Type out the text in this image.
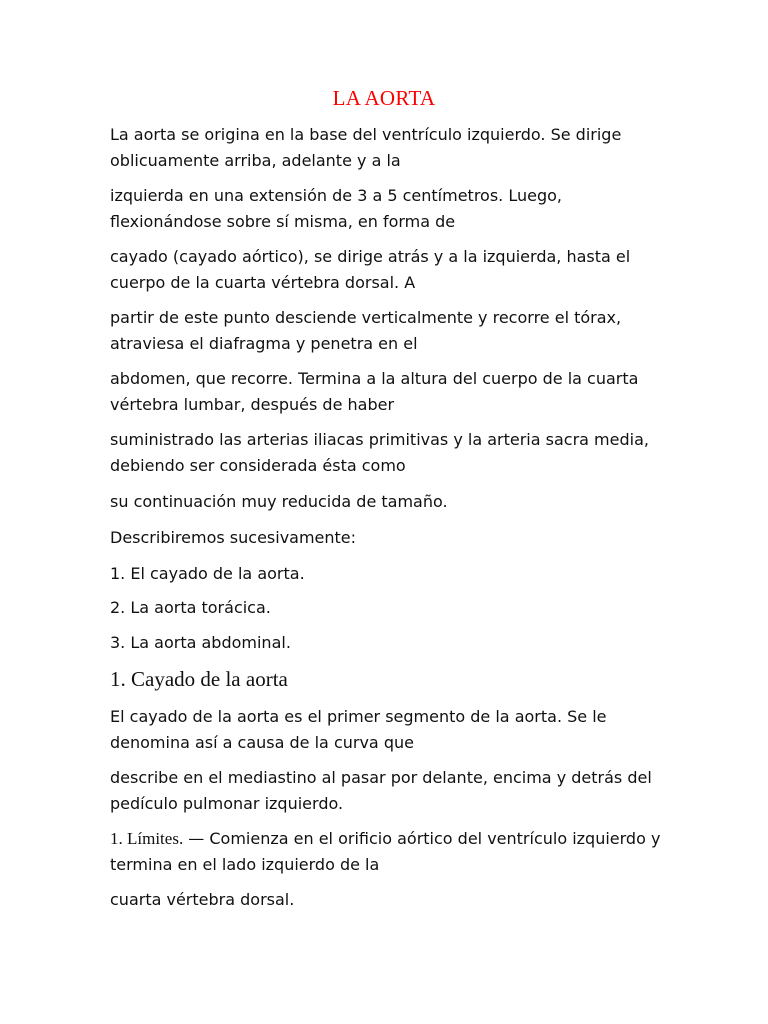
LA AORTA

La aorta se origina en la base del ventrículo izquierdo. Se dirige oblicuamente arriba, adelante y a la

izquierda en una extensión de 3 a 5 centímetros. Luego, flexionándose sobre sí misma, en forma de

cayado (cayado aórtico), se dirige atrás y a la izquierda, hasta el cuerpo de la cuarta vértebra dorsal. A

partir de este punto desciende verticalmente y recorre el tórax, atraviesa el diafragma y penetra en el

abdomen, que recorre. Termina a la altura del cuerpo de la cuarta vértebra lumbar, después de haber

suministrado las arterias iliacas primitivas y la arteria sacra media, debiendo ser considerada ésta como

su continuación muy reducida de tamaño.

Describiremos sucesivamente:

1. El cayado de la aorta.

2. La aorta torácica.

3. La aorta abdominal.

1. Cayado de la aorta

El cayado de la aorta es el primer segmento de la aorta. Se le denomina así a causa de la curva que

describe en el mediastino al pasar por delante, encima y detrás del pedículo pulmonar izquierdo.

1. Límites. — Comienza en el orificio aórtico del ventrículo izquierdo y termina en el lado izquierdo de la

cuarta vértebra dorsal.
